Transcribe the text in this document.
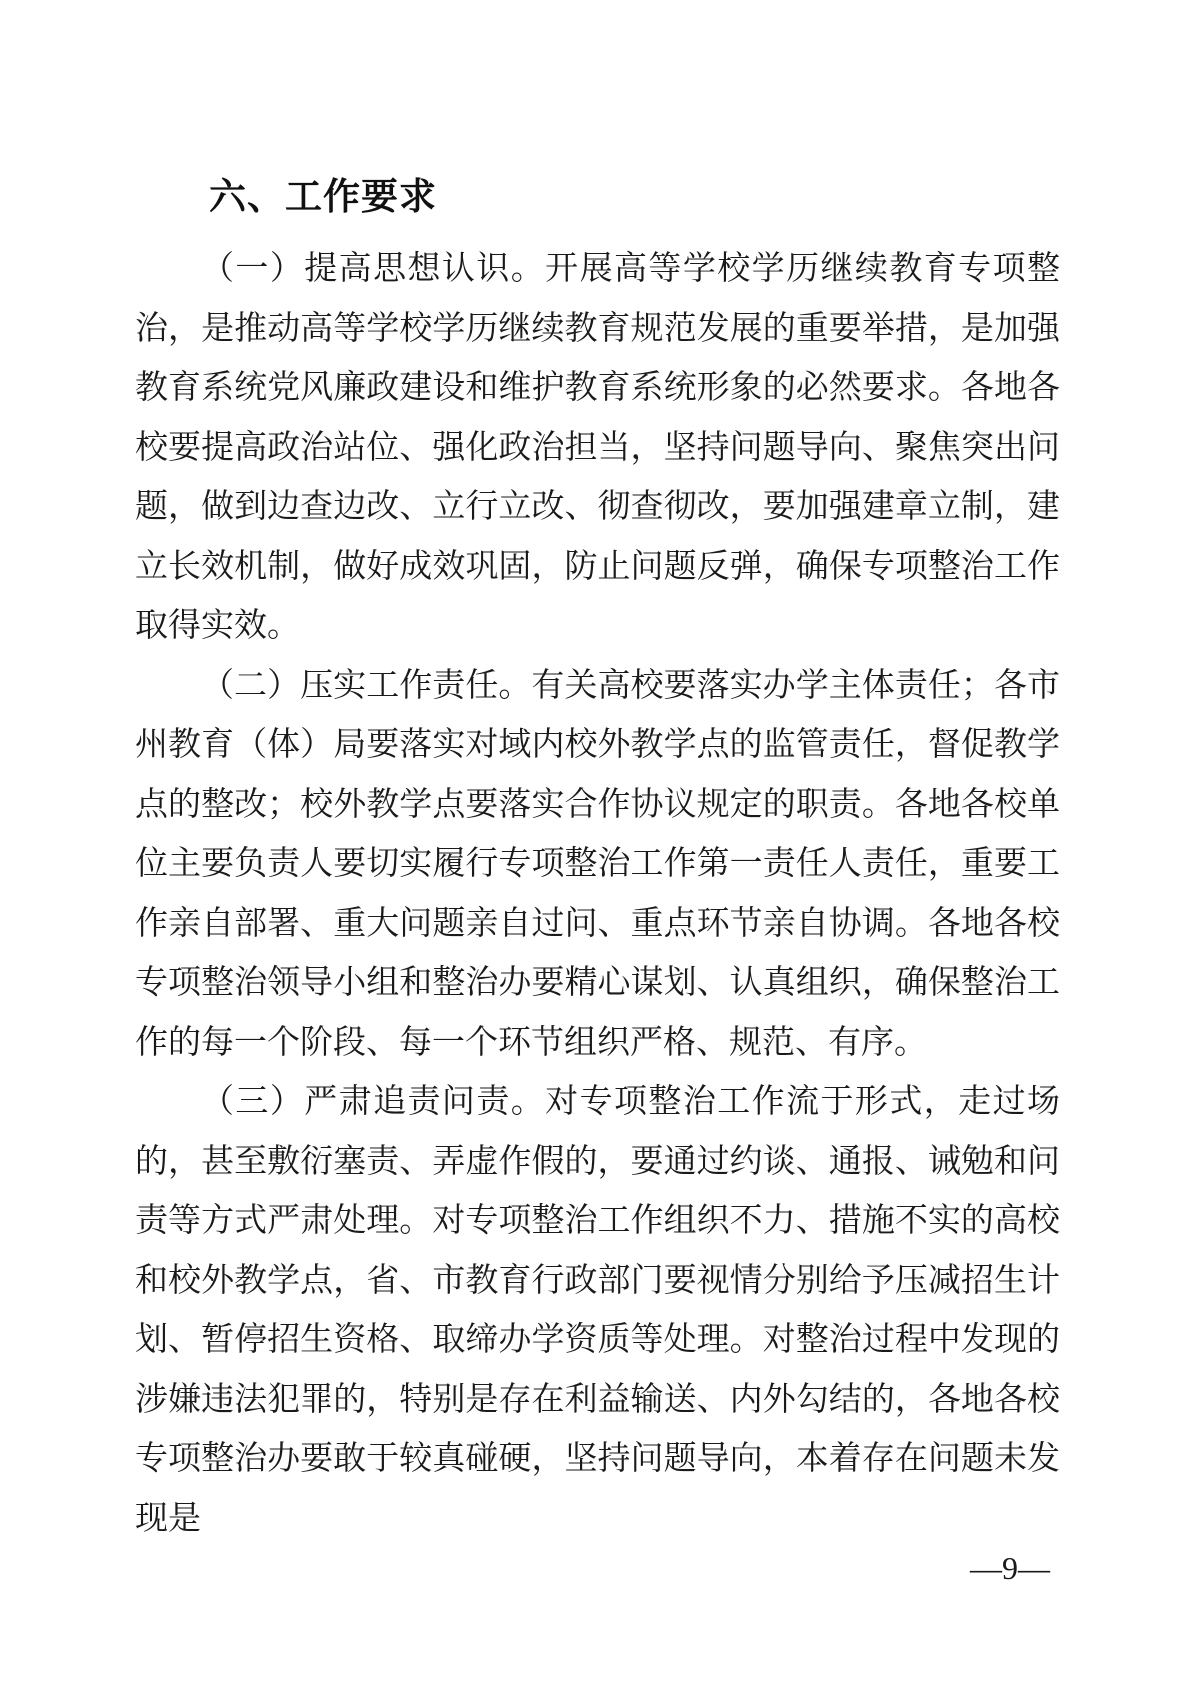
六、工作要求

（一）提高思想认识。开展高等学校学历继续教育专项整治，是推动高等学校学历继续教育规范发展的重要举措，是加强教育系统党风廉政建设和维护教育系统形象的必然要求。各地各校要提高政治站位、强化政治担当，坚持问题导向、聚焦突出问题，做到边查边改、立行立改、彻查彻改，要加强建章立制，建立长效机制，做好成效巩固，防止问题反弹，确保专项整治工作取得实效。

（二）压实工作责任。有关高校要落实办学主体责任；各市州教育（体）局要落实对域内校外教学点的监管责任，督促教学点的整改；校外教学点要落实合作协议规定的职责。各地各校单位主要负责人要切实履行专项整治工作第一责任人责任，重要工作亲自部署、重大问题亲自过问、重点环节亲自协调。各地各校专项整治领导小组和整治办要精心谋划、认真组织，确保整治工作的每一个阶段、每一个环节组织严格、规范、有序。

（三）严肃追责问责。对专项整治工作流于形式，走过场的，甚至敷衍塞责、弄虚作假的，要通过约谈、通报、诫勉和问责等方式严肃处理。对专项整治工作组织不力、措施不实的高校和校外教学点，省、市教育行政部门要视情分别给予压减招生计划、暂停招生资格、取缔办学资质等处理。对整治过程中发现的涉嫌违法犯罪的，特别是存在利益输送、内外勾结的，各地各校专项整治办要敢于较真碰硬，坚持问题导向，本着存在问题未发现是

—9—
